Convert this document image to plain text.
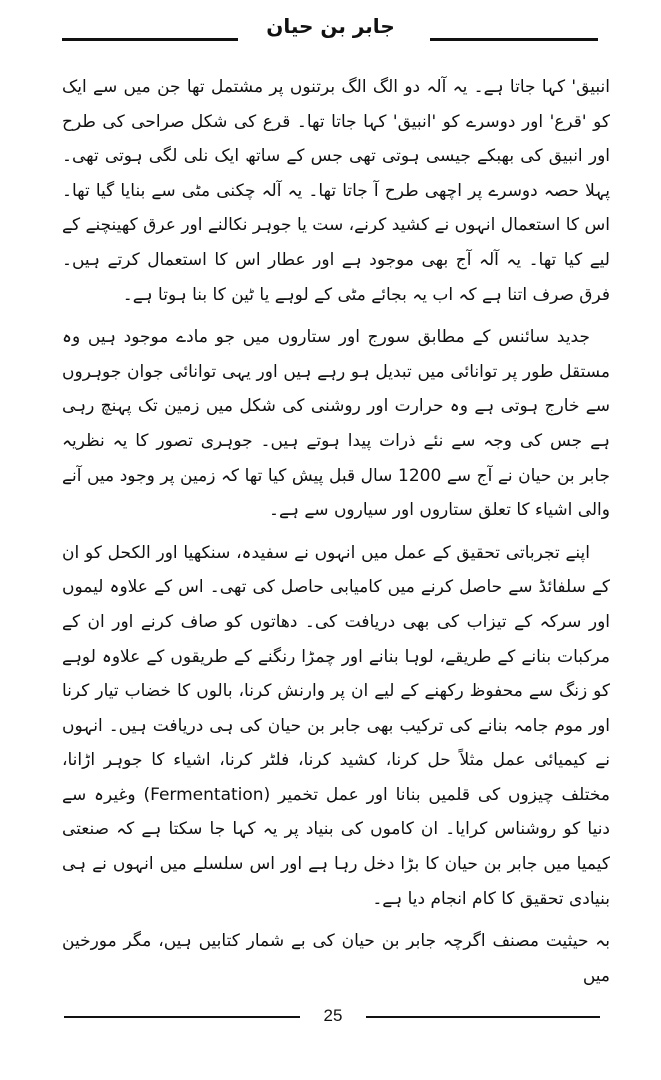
جابر بن حیان

انبیق' کہا جاتا ہے۔ یہ آلہ دو الگ الگ برتنوں پر مشتمل تھا جن میں سے ایک کو 'قرع' اور دوسرے کو 'انبیق' کہا جاتا تھا۔ قرع کی شکل صراحی کی طرح اور انبیق کی بھبکے جیسی ہوتی تھی جس کے ساتھ ایک نلی لگی ہوتی تھی۔ پہلا حصہ دوسرے پر اچھی طرح آ جاتا تھا۔ یہ آلہ چکنی مٹی سے بنایا گیا تھا۔ اس کا استعمال انہوں نے کشید کرنے، ست یا جوہر نکالنے اور عرق کھینچنے کے لیے کیا تھا۔ یہ آلہ آج بھی موجود ہے اور عطار اس کا استعمال کرتے ہیں۔ فرق صرف اتنا ہے کہ اب یہ بجائے مٹی کے لوہے یا ٹین کا بنا ہوتا ہے۔

جدید سائنس کے مطابق سورج اور ستاروں میں جو مادے موجود ہیں وہ مستقل طور پر توانائی میں تبدیل ہو رہے ہیں اور یہی توانائی جوان جوہروں سے خارج ہوتی ہے وہ حرارت اور روشنی کی شکل میں زمین تک پہنچ رہی ہے جس کی وجہ سے نئے ذرات پیدا ہوتے ہیں۔ جوہری تصور کا یہ نظریہ جابر بن حیان نے آج سے 1200 سال قبل پیش کیا تھا کہ زمین پر وجود میں آنے والی اشیاء کا تعلق ستاروں اور سیاروں سے ہے۔

اپنے تجرباتی تحقیق کے عمل میں انہوں نے سفیدہ، سنکھیا اور الکحل کو ان کے سلفائڈ سے حاصل کرنے میں کامیابی حاصل کی تھی۔ اس کے علاوہ لیموں اور سرکہ کے تیزاب کی بھی دریافت کی۔ دھاتوں کو صاف کرنے اور ان کے مرکبات بنانے کے طریقے، لوہا بنانے اور چمڑا رنگنے کے طریقوں کے علاوہ لوہے کو زنگ سے محفوظ رکھنے کے لیے ان پر وارنش کرنا، بالوں کا خضاب تیار کرنا اور موم جامہ بنانے کی ترکیب بھی جابر بن حیان کی ہی دریافت ہیں۔ انہوں نے کیمیائی عمل مثلاً حل کرنا، کشید کرنا، فلٹر کرنا، اشیاء کا جوہر اڑانا، مختلف چیزوں کی قلمیں بنانا اور عمل تخمیر (Fermentation) وغیرہ سے دنیا کو روشناس کرایا۔ ان کاموں کی بنیاد پر یہ کہا جا سکتا ہے کہ صنعتی کیمیا میں جابر بن حیان کا بڑا دخل رہا ہے اور اس سلسلے میں انہوں نے ہی بنیادی تحقیق کا کام انجام دیا ہے۔

بہ حیثیت مصنف اگرچہ جابر بن حیان کی بے شمار کتابیں ہیں، مگر مورخین میں

25
